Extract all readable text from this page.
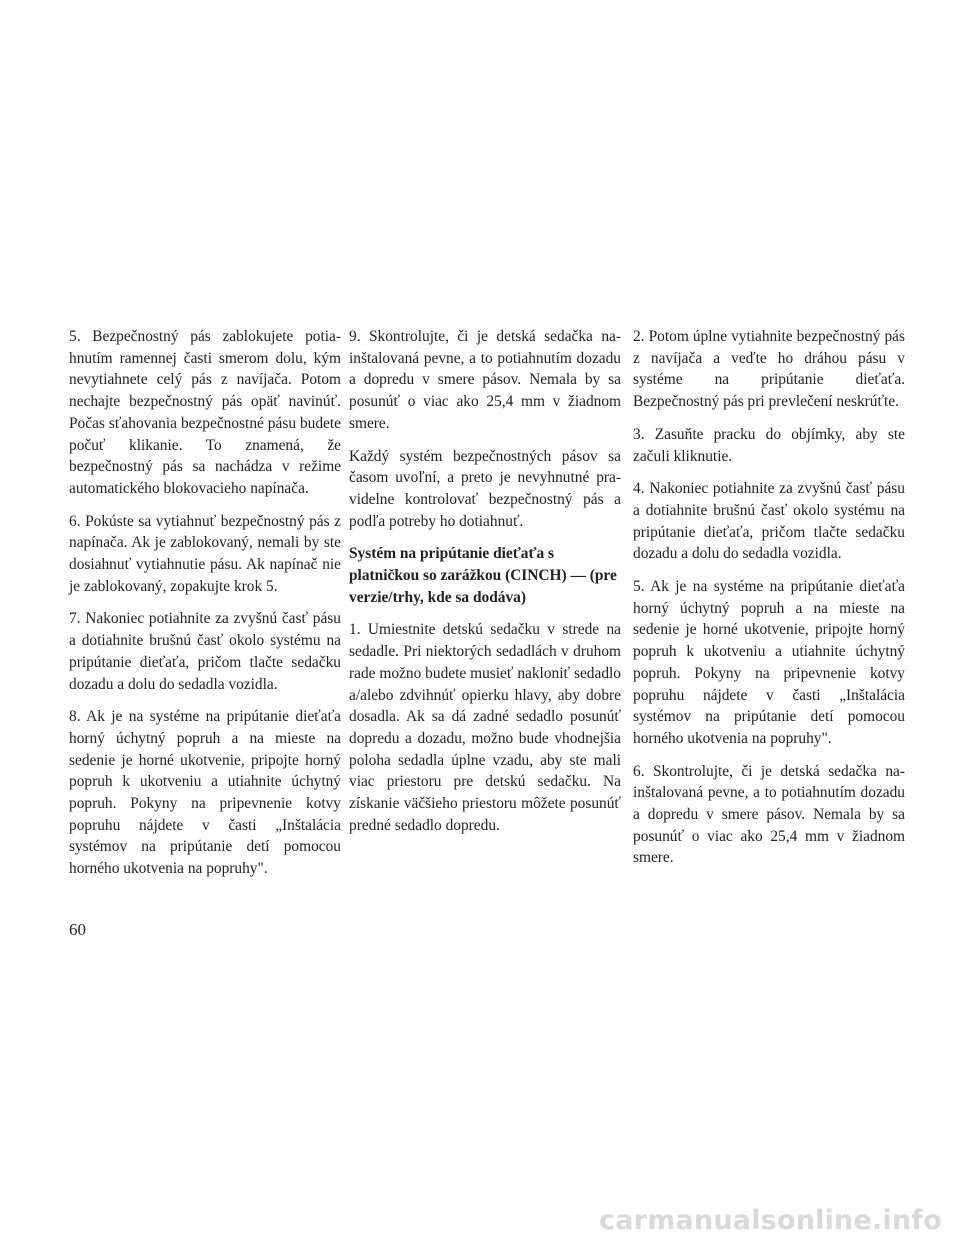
5. Bezpečnostný pás zablokujete potiahnutím ramennej časti smerom dolu, kým nevytiahnete celý pás z navíjača. Potom nechajte bezpečnostný pás opäť navinúť. Počas sťahovania bezpečnostné pásu budete počuť klikanie. To znamená, že bezpečnostný pás sa nachádza v režime automatického blokovacieho napínača.

6. Pokúste sa vytiahnuť bezpečnostný pás z napínača. Ak je zablokovaný, nemali by ste dosiahnuť vytiahnutie pásu. Ak napínač nie je zablokovaný, zopakujte krok 5.

7. Nakoniec potiahnite za zvyšnú časť pásu a dotiahnite brušnú časť okolo systému na pripútanie dieťaťa, pričom tlačte sedačku dozadu a dolu do sedadla vozidla.

8. Ak je na systéme na pripútanie dieťaťa horný úchytný popruh a na mieste na sedenie je horné ukotvenie, pripojte horný popruh k ukotveniu a utiahnite úchytný popruh. Pokyny na pripevnenie kotvy popruhu nájdete v časti „Inštalácia systémov na pripútanie detí pomocou horného ukotvenia na popruhy".

9. Skontrolujte, či je detská sedačka nainštalovaná pevne, a to potiahnutím dozadu a dopredu v smere pásov. Nemala by sa posunúť o viac ako 25,4 mm v žiadnom smere.

Každý systém bezpečnostných pásov sa časom uvoľní, a preto je nevyhnutné pravidelne kontrolovať bezpečnostný pás a podľa potreby ho dotiahnuť.

Systém na pripútanie dieťaťa s platničkou so zarážkou (CINCH) — (pre verzie/trhy, kde sa dodáva)

1. Umiestnite detskú sedačku v strede na sedadle. Pri niektorých sedadlách v druhom rade možno budete musieť nakloniť sedadlo a/alebo zdvihnúť opierku hlavy, aby dobre dosadla. Ak sa dá zadné sedadlo posunúť dopredu a dozadu, možno bude vhodnejšia poloha sedadla úplne vzadu, aby ste mali viac priestoru pre detskú sedačku. Na získanie väčšieho priestoru môžete posunúť predné sedadlo dopredu.

2. Potom úplne vytiahnite bezpečnostný pás z navíjača a veďte ho dráhou pásu v systéme na pripútanie dieťaťa. Bezpečnostný pás pri prevlečení neskrúťte.

3. Zasuňte pracku do objímky, aby ste začuli kliknutie.

4. Nakoniec potiahnite za zvyšnú časť pásu a dotiahnite brušnú časť okolo systému na pripútanie dieťaťa, pričom tlačte sedačku dozadu a dolu do sedadla vozidla.

5. Ak je na systéme na pripútanie dieťaťa horný úchytný popruh a na mieste na sedenie je horné ukotvenie, pripojte horný popruh k ukotveniu a utiahnite úchytný popruh. Pokyny na pripevnenie kotvy popruhu nájdete v časti „Inštalácia systémov na pripútanie detí pomocou horného ukotvenia na popruhy".

6. Skontrolujte, či je detská sedačka nainštalovaná pevne, a to potiahnutím dozadu a dopredu v smere pásov. Nemala by sa posunúť o viac ako 25,4 mm v žiadnom smere.

60
carmanualsonline.info
